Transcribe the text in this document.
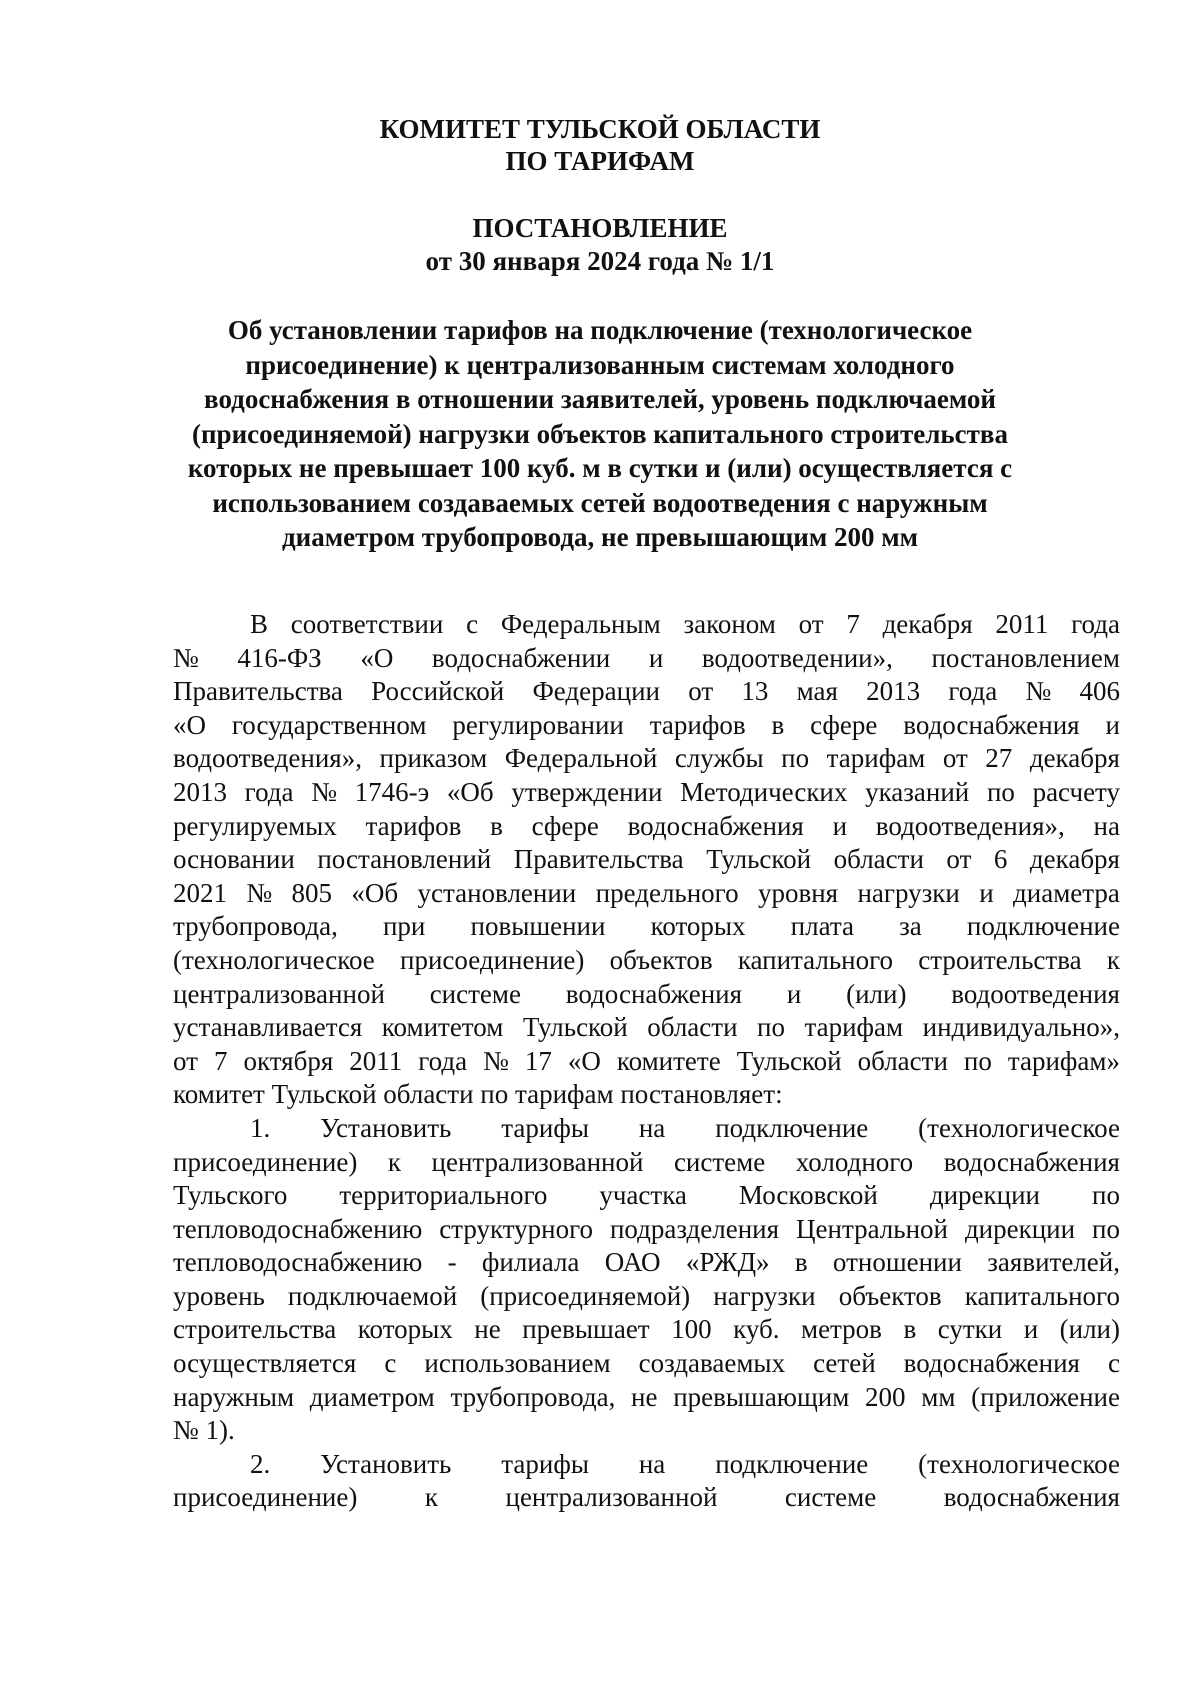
КОМИТЕТ ТУЛЬСКОЙ ОБЛАСТИ
ПО ТАРИФАМ
ПОСТАНОВЛЕНИЕ
от 30 января 2024 года № 1/1
Об установлении тарифов на подключение (технологическое
присоединение) к централизованным системам холодного
водоснабжения в отношении заявителей, уровень подключаемой
(присоединяемой) нагрузки объектов капитального строительства
которых не превышает 100 куб. м в сутки и (или) осуществляется с
использованием создаваемых сетей водоотведения с наружным
диаметром трубопровода, не превышающим 200 мм
В соответствии с Федеральным законом от 7 декабря 2011 года
№ 416-ФЗ «О водоснабжении и водоотведении», постановлением
Правительства Российской Федерации от 13 мая 2013 года № 406
«О государственном регулировании тарифов в сфере водоснабжения и
водоотведения», приказом Федеральной службы по тарифам от 27 декабря
2013 года № 1746-э «Об утверждении Методических указаний по расчету
регулируемых тарифов в сфере водоснабжения и водоотведения», на
основании постановлений Правительства Тульской области от 6 декабря
2021 № 805 «Об установлении предельного уровня нагрузки и диаметра
трубопровода, при повышении которых плата за подключение
(технологическое присоединение) объектов капитального строительства к
централизованной системе водоснабжения и (или) водоотведения
устанавливается комитетом Тульской области по тарифам индивидуально»,
от 7 октября 2011 года № 17 «О комитете Тульской области по тарифам»
комитет Тульской области по тарифам постановляет:
1. Установить тарифы на подключение (технологическое
присоединение) к централизованной системе холодного водоснабжения
Тульского территориального участка Московской дирекции по
тепловодоснабжению структурного подразделения Центральной дирекции по
тепловодоснабжению - филиала ОАО «РЖД» в отношении заявителей,
уровень подключаемой (присоединяемой) нагрузки объектов капитального
строительства которых не превышает 100 куб. метров в сутки и (или)
осуществляется с использованием создаваемых сетей водоснабжения с
наружным диаметром трубопровода, не превышающим 200 мм (приложение
№ 1).
2. Установить тарифы на подключение (технологическое
присоединение)	к	централизованной	системе	водоснабжения
